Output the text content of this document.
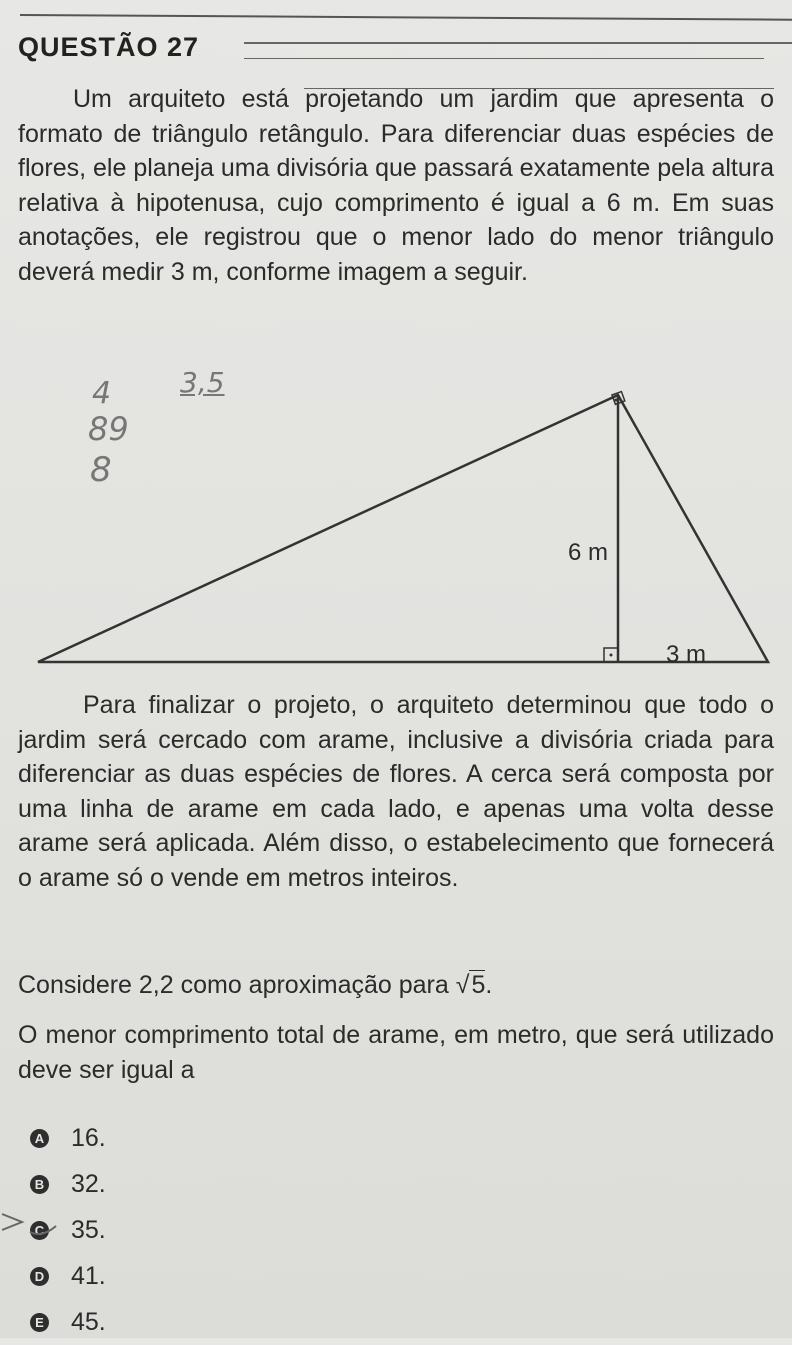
QUESTÃO 27
Um arquiteto está projetando um jardim que apresenta o formato de triângulo retângulo. Para diferenciar duas espécies de flores, ele planeja uma divisória que passará exatamente pela altura relativa à hipotenusa, cujo comprimento é igual a 6 m. Em suas anotações, ele registrou que o menor lado do menor triângulo deverá medir 3 m, conforme imagem a seguir.
4 3,5
89
8
6 m
3 m
Para finalizar o projeto, o arquiteto determinou que todo o jardim será cercado com arame, inclusive a divisória criada para diferenciar as duas espécies de flores. A cerca será composta por uma linha de arame em cada lado, e apenas uma volta desse arame será aplicada. Além disso, o estabelecimento que fornecerá o arame só o vende em metros inteiros.
Considere 2,2 como aproximação para √5.
O menor comprimento total de arame, em metro, que será utilizado deve ser igual a
A 16.
B 32.
C 35.
D 41.
E 45.
